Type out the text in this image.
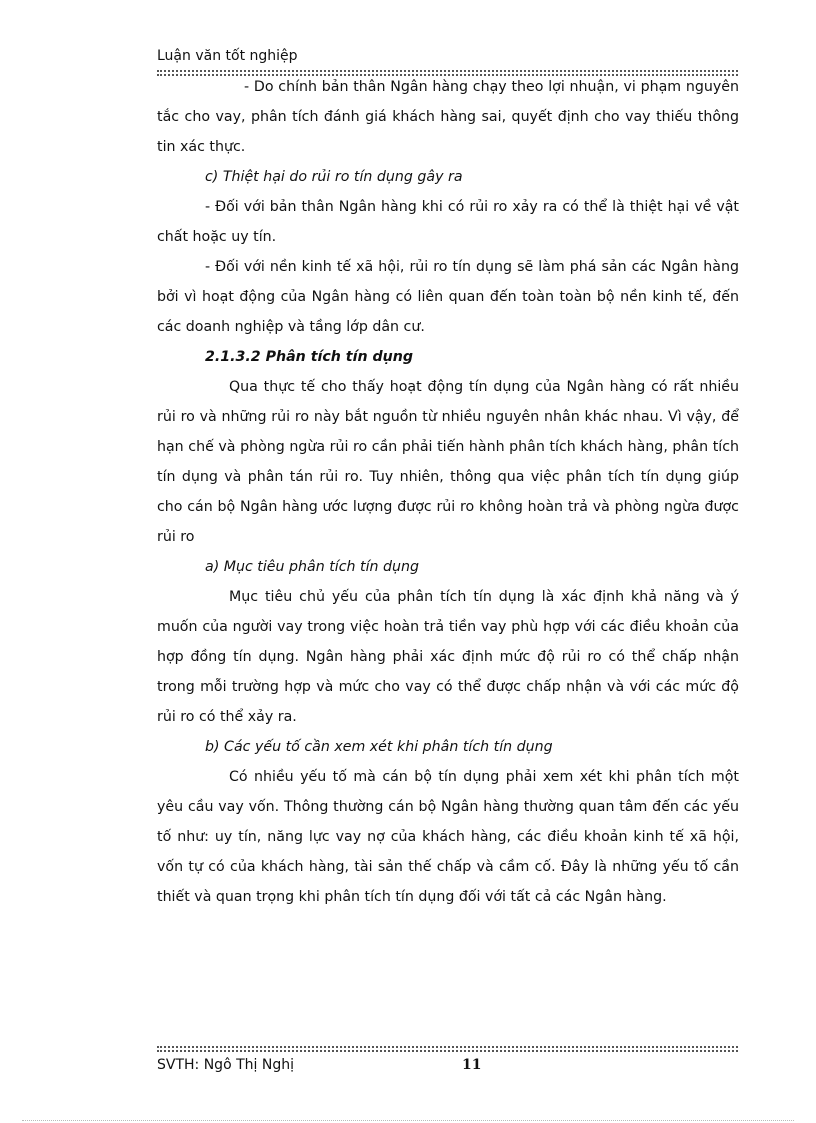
Luận văn tốt nghiệp

- Do chính bản thân Ngân hàng chạy theo lợi nhuận, vi phạm nguyên tắc cho vay, phân tích đánh giá khách hàng sai, quyết định cho vay thiếu thông tin xác thực.

c) Thiệt hại do rủi ro tín dụng gây ra

- Đối với bản thân Ngân hàng khi có rủi ro xảy ra có thể là thiệt hại về vật chất hoặc uy tín.

- Đối với nền kinh tế xã hội, rủi ro tín dụng sẽ làm phá sản các Ngân hàng bởi vì hoạt động của Ngân hàng có liên quan đến toàn toàn bộ nền kinh tế, đến các doanh nghiệp và tầng lớp dân cư.

2.1.3.2 Phân tích tín dụng

Qua thực tế cho thấy hoạt động tín dụng của Ngân hàng có rất nhiều rủi ro và những rủi ro này bắt nguồn từ nhiều nguyên nhân khác nhau. Vì vậy, để hạn chế và phòng ngừa rủi ro cần phải tiến hành phân tích khách hàng, phân tích tín dụng và phân tán rủi ro. Tuy nhiên, thông qua việc phân tích tín dụng giúp cho cán bộ Ngân hàng ước lượng được rủi ro không hoàn trả và phòng ngừa được rủi ro

a) Mục tiêu phân tích tín dụng

Mục tiêu chủ yếu của phân tích tín dụng là xác định khả năng và ý muốn của người vay trong việc hoàn trả tiền vay phù hợp với các điều khoản của hợp đồng tín dụng. Ngân hàng phải xác định mức độ rủi ro có thể chấp nhận trong mỗi trường hợp và mức cho vay có thể được chấp nhận và với các mức độ rủi ro có thể xảy ra.

b) Các yếu tố cần xem xét khi phân tích tín dụng

Có nhiều yếu tố mà cán bộ tín dụng phải xem xét khi phân tích một yêu cầu vay vốn. Thông thường cán bộ Ngân hàng thường quan tâm đến các yếu tố như: uy tín, năng lực vay nợ của khách hàng, các điều khoản kinh tế xã hội, vốn tự có của khách hàng, tài sản thế chấp và cầm cố. Đây là những yếu tố cần thiết và quan trọng khi phân tích tín dụng đối với tất cả các Ngân hàng.

SVTH: Ngô Thị Nghị	11
